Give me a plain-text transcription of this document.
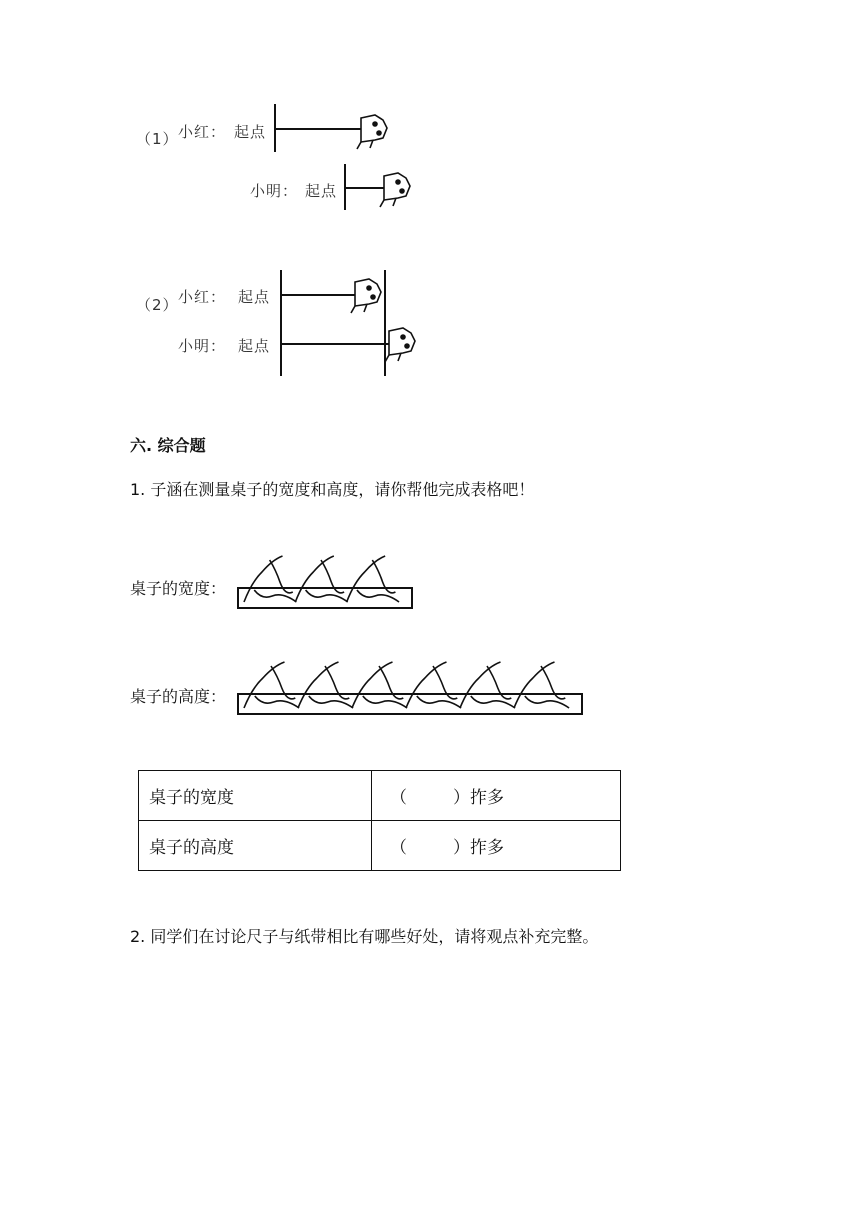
（1） 小红： 起点
小明： 起点
（2） 小红： 起点
小明： 起点
六. 综合题
1. 子涵在测量桌子的宽度和高度，请你帮他完成表格吧！
桌子的宽度：
桌子的高度：
桌子的宽度	（ ）拃多
桌子的高度	（ ）拃多
2. 同学们在讨论尺子与纸带相比有哪些好处，请将观点补充完整。
